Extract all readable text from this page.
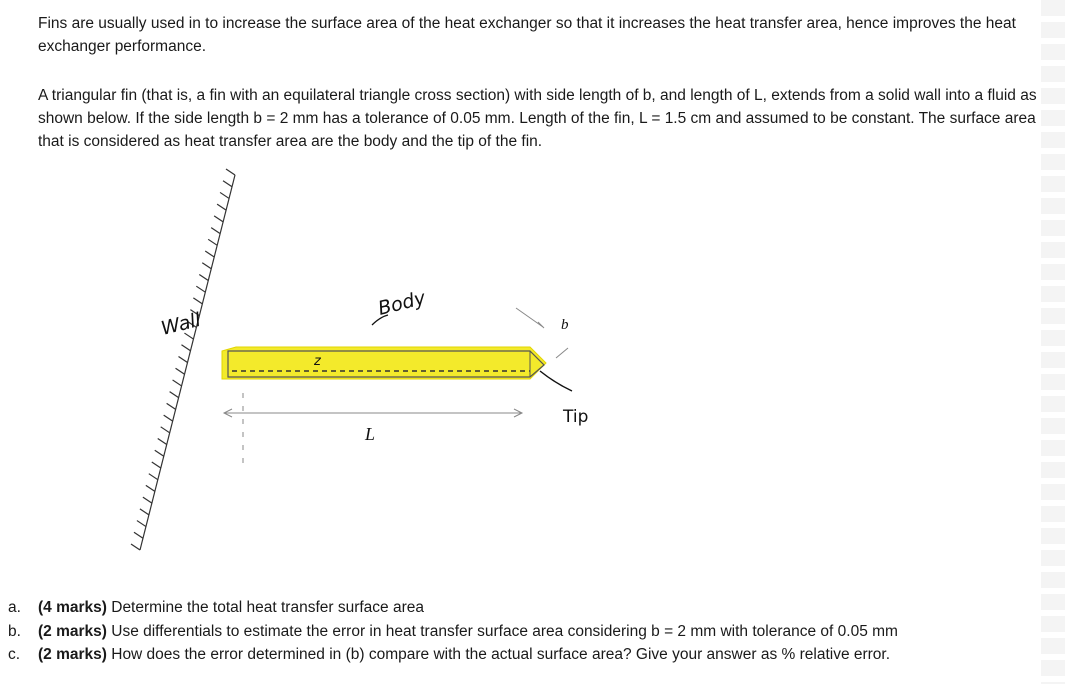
Fins are usually used in to increase the surface area of the heat exchanger so that it increases the heat transfer area, hence improves the heat exchanger performance.

A triangular fin (that is, a fin with an equilateral triangle cross section) with side length of b, and length of L, extends from a solid wall into a fluid as shown below. If the side length b = 2 mm has a tolerance of 0.05 mm. Length of the fin, L = 1.5 cm and assumed to be constant. The surface area that is considered as heat transfer area are the body and the tip of the fin.

Wall
z
Body
b
Tip
L
a. (4 marks) Determine the total heat transfer surface area
b. (2 marks) Use differentials to estimate the error in heat transfer surface area considering b = 2 mm with tolerance of 0.05 mm
c. (2 marks) How does the error determined in (b) compare with the actual surface area? Give your answer as % relative error.
